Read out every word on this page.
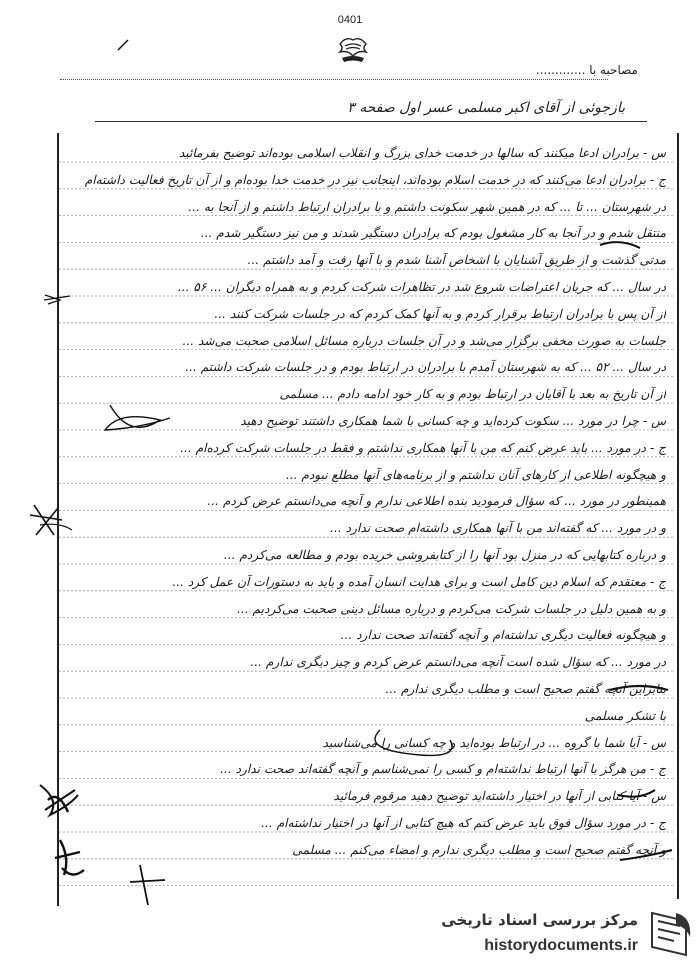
0401
مصاحبه با .............
بازجوئی از آقای اکبر مسلمی عسر اول صفحه ۳
س - برادران ادعا میکنند که سالها در خدمت خدای بزرگ و انقلاب اسلامی بوده‌اند توضیح بفرمائید
ج - برادران ادعا می‌کنند که در خدمت اسلام بوده‌اند، اینجانب نیز در خدمت خدا بوده‌ام و از آن تاریخ فعالیت داشته‌ام
در شهرستان ... تا ... که در همین شهر سکونت داشتم و با برادران ارتباط داشتم و از آنجا به ...
منتقل شدم و در آنجا به کار مشغول بودم که برادران دستگیر شدند و من نیز دستگیر شدم ...
مدتی گذشت و از طریق آشنایان با اشخاص آشنا شدم و با آنها رفت و آمد داشتم ...
در سال ... که جریان اعتراضات شروع شد در تظاهرات شرکت کردم و به همراه دیگران ... ۵۶ ...
از آن پس با برادران ارتباط برقرار کردم و به آنها کمک کردم که در جلسات شرکت کنند ...
جلسات به صورت مخفی برگزار می‌شد و در آن جلسات درباره مسائل اسلامی صحبت می‌شد ...
در سال ... ۵۲ ... که به شهرستان آمدم با برادران در ارتباط بودم و در جلسات شرکت داشتم ...
از آن تاریخ به بعد با آقایان در ارتباط بودم و به کار خود ادامه دادم ... مسلمی
س - چرا در مورد ... سکوت کرده‌اید و چه کسانی با شما همکاری داشتند توضیح دهید
ج - در مورد ... باید عرض کنم که من با آنها همکاری نداشتم و فقط در جلسات شرکت کرده‌ام ...
و هیچگونه اطلاعی از کارهای آنان نداشتم و از برنامه‌های آنها مطلع نبودم ...
همینطور در مورد ... که سؤال فرمودید بنده اطلاعی ندارم و آنچه می‌دانستم عرض کردم ...
و در مورد ... که گفته‌اند من با آنها همکاری داشته‌ام صحت ندارد ...
و درباره کتابهایی که در منزل بود آنها را از کتابفروشی خریده بودم و مطالعه می‌کردم ...
ج - معتقدم که اسلام دین کامل است و برای هدایت انسان آمده و باید به دستورات آن عمل کرد ...
و به همین دلیل در جلسات شرکت می‌کردم و درباره مسائل دینی صحبت می‌کردیم ...
و هیچگونه فعالیت دیگری نداشته‌ام و آنچه گفته‌اند صحت ندارد ...
در مورد ... که سؤال شده است آنچه می‌دانستم عرض کردم و چیز دیگری ندارم ...
بنابراین آنچه گفتم صحیح است و مطلب دیگری ندارم ...
با تشکر مسلمی
س - آیا شما با گروه ... در ارتباط بوده‌اید و چه کسانی را می‌شناسید
ج - من هرگز با آنها ارتباط نداشته‌ام و کسی را نمی‌شناسم و آنچه گفته‌اند صحت ندارد ...
س - آیا کتابی از آنها در اختیار داشته‌اید توضیح دهید مرقوم فرمائید
ج - در مورد سؤال فوق باید عرض کنم که هیچ کتابی از آنها در اختیار نداشته‌ام ...
و آنچه گفتم صحیح است و مطلب دیگری ندارم و امضاء می‌کنم ... مسلمی
مرکز بررسی اسناد تاریخی
historydocuments.ir
